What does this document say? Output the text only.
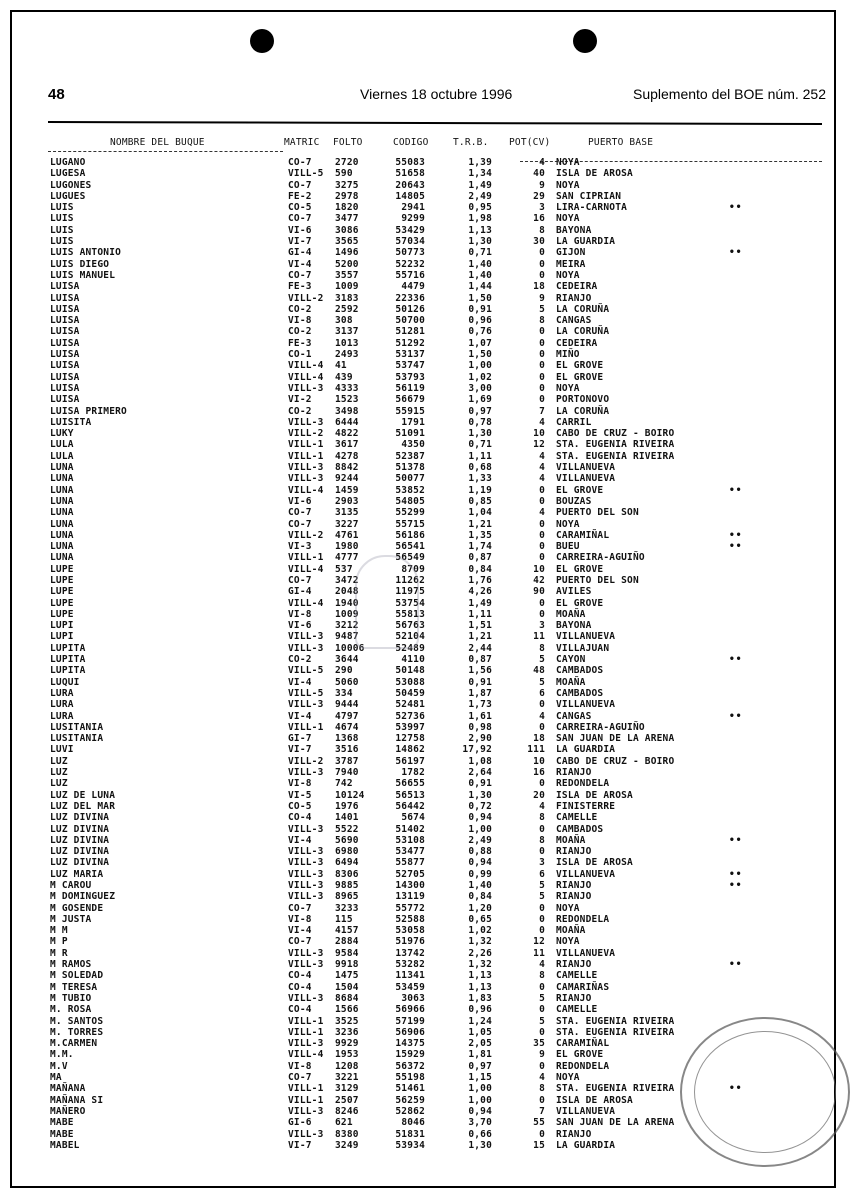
48	Viernes 18 octubre 1996	Suplemento del BOE núm. 252
NOMBRE DEL BUQUE	MATRIC FOLTO	CODIGO	T.R.B. POT(CV)	PUERTO BASE
LUGANO	CO-7 2720	55083	1,39	4 NOYA
LUGESA	VILL-5 590	51658	1,34	40 ISLA DE AROSA
LUGONES	CO-7 3275	20643	1,49	9 NOYA
LUGUES	FE-2 2978	14805	2,49	29 SAN CIPRIAN
LUIS	CO-5 1820	2941	0,95	3 LIRA-CARNOTA	••
LUIS	CO-7 3477	9299	1,98	16 NOYA
LUIS	VI-6 3086	53429	1,13	8 BAYONA
LUIS	VI-7 3565	57034	1,30	30 LA GUARDIA
LUIS ANTONIO	GI-4 1496	50773	0,71	0 GIJON	••
LUIS DIEGO	VI-4 5200	52232	1,40	0 MEIRA
LUIS MANUEL	CO-7 3557	55716	1,40	0 NOYA
LUISA	FE-3 1009	4479	1,44	18 CEDEIRA
LUISA	VILL-2 3183	22336	1,50	9 RIANJO
LUISA	CO-2 2592	50126	0,91	5 LA CORUÑA
LUISA	VI-8 308	50700	0,96	8 CANGAS
LUISA	CO-2 3137	51281	0,76	0 LA CORUÑA
LUISA	FE-3 1013	51292	1,07	0 CEDEIRA
LUISA	CO-1 2493	53137	1,50	0 MIÑO
LUISA	VILL-4 41	53747	1,00	0 EL GROVE
LUISA	VILL-4 439	53793	1,02	0 EL GROVE
LUISA	VILL-3 4333	56119	3,00	0 NOYA
LUISA	VI-2 1523	56679	1,69	0 PORTONOVO
LUISA PRIMERO	CO-2 3498	55915	0,97	7 LA CORUÑA
LUISITA	VILL-3 6444	1791	0,78	4 CARRIL
LUKY	VILL-2 4822	51091	1,30	10 CABO DE CRUZ - BOIRO
LULA	VILL-1 3617	4350	0,71	12 STA. EUGENIA RIVEIRA
LULA	VILL-1 4278	52387	1,11	4 STA. EUGENIA RIVEIRA
LUNA	VILL-3 8842	51378	0,68	4 VILLANUEVA
LUNA	VILL-3 9244	50077	1,33	4 VILLANUEVA
LUNA	VILL-4 1459	53852	1,19	0 EL GROVE	••
LUNA	VI-6 2903	54805	0,85	0 BOUZAS
LUNA	CO-7 3135	55299	1,04	4 PUERTO DEL SON
LUNA	CO-7 3227	55715	1,21	0 NOYA
LUNA	VILL-2 4761	56186	1,35	0 CARAMIÑAL	••
LUNA	VI-3 1980	56541	1,74	0 BUEU	••
LUNA	VILL-1 4777	56549	0,87	0 CARREIRA-AGUIÑO
LUPE	VILL-4 537	8709	0,84	10 EL GROVE
LUPE	CO-7 3472	11262	1,76	42 PUERTO DEL SON
LUPE	GI-4 2048	11975	4,26	90 AVILES
LUPE	VILL-4 1940	53754	1,49	0 EL GROVE
LUPE	VI-8 1009	55813	1,11	0 MOAÑA
LUPI	VI-6 3212	56763	1,51	3 BAYONA
LUPI	VILL-3 9487	52104	1,21	11 VILLANUEVA
LUPITA	VILL-3 10006	52489	2,44	8 VILLAJUAN
LUPITA	CO-2 3644	4110	0,87	5 CAYON	••
LUPITA	VILL-5 290	50148	1,56	48 CAMBADOS
LUQUI	VI-4 5060	53088	0,91	5 MOAÑA
LURA	VILL-5 334	50459	1,87	6 CAMBADOS
LURA	VILL-3 9444	52481	1,73	0 VILLANUEVA
LURA	VI-4 4797	52736	1,61	4 CANGAS	••
LUSITANIA	VILL-1 4674	53997	0,98	0 CARREIRA-AGUIÑO
LUSITANIA	GI-7 1368	12758	2,90	18 SAN JUAN DE LA ARENA
LUVI	VI-7 3516	14862	17,92	111 LA GUARDIA
LUZ	VILL-2 3787	56197	1,08	10 CABO DE CRUZ - BOIRO
LUZ	VILL-3 7940	1782	2,64	16 RIANJO
LUZ	VI-8 742	56655	0,91	0 REDONDELA
LUZ DE LUNA	VI-5 10124	56513	1,30	20 ISLA DE AROSA
LUZ DEL MAR	CO-5 1976	56442	0,72	4 FINISTERRE
LUZ DIVINA	CO-4 1401	5674	0,94	8 CAMELLE
LUZ DIVINA	VILL-3 5522	51402	1,00	0 CAMBADOS
LUZ DIVINA	VI-4 5690	53108	2,49	8 MOAÑA	••
LUZ DIVINA	VILL-3 6980	53477	0,88	0 RIANJO
LUZ DIVINA	VILL-3 6494	55877	0,94	3 ISLA DE AROSA
LUZ MARIA	VILL-3 8306	52705	0,99	6 VILLANUEVA	••
M CAROU	VILL-3 9885	14300	1,40	5 RIANJO	••
M DOMINGUEZ	VILL-3 8965	13119	0,84	5 RIANJO
M GOSENDE	CO-7 3233	55772	1,20	0 NOYA
M JUSTA	VI-8 115	52588	0,65	0 REDONDELA
M M	VI-4 4157	53058	1,02	0 MOAÑA
M P	CO-7 2884	51976	1,32	12 NOYA
M R	VILL-3 9584	13742	2,26	11 VILLANUEVA
M RAMOS	VILL-3 9918	53282	1,32	4 RIANJO	••
M SOLEDAD	CO-4 1475	11341	1,13	8 CAMELLE
M TERESA	CO-4 1504	53459	1,13	0 CAMARIÑAS
M TUBIO	VILL-3 8684	3063	1,83	5 RIANJO
M. ROSA	CO-4 1566	56966	0,96	0 CAMELLE
M. SANTOS	VILL-1 3525	57199	1,24	5 STA. EUGENIA RIVEIRA
M. TORRES	VILL-1 3236	56906	1,05	0 STA. EUGENIA RIVEIRA
M.CARMEN	VILL-3 9929	14375	2,05	35 CARAMIÑAL
M.M.	VILL-4 1953	15929	1,81	9 EL GROVE
M.V	VI-8 1208	56372	0,97	0 REDONDELA
MA	CO-7 3221	55198	1,15	4 NOYA
MAÑANA	VILL-1 3129	51461	1,00	8 STA. EUGENIA RIVEIRA	••
MAÑANA SI	VILL-1 2507	56259	1,00	0 ISLA DE AROSA
MAÑERO	VILL-3 8246	52862	0,94	7 VILLANUEVA
MABE	GI-6 621	8046	3,70	55 SAN JUAN DE LA ARENA
MABE	VILL-3 8380	51831	0,66	0 RIANJO
MABEL	VI-7 3249	53934	1,30	15 LA GUARDIA
